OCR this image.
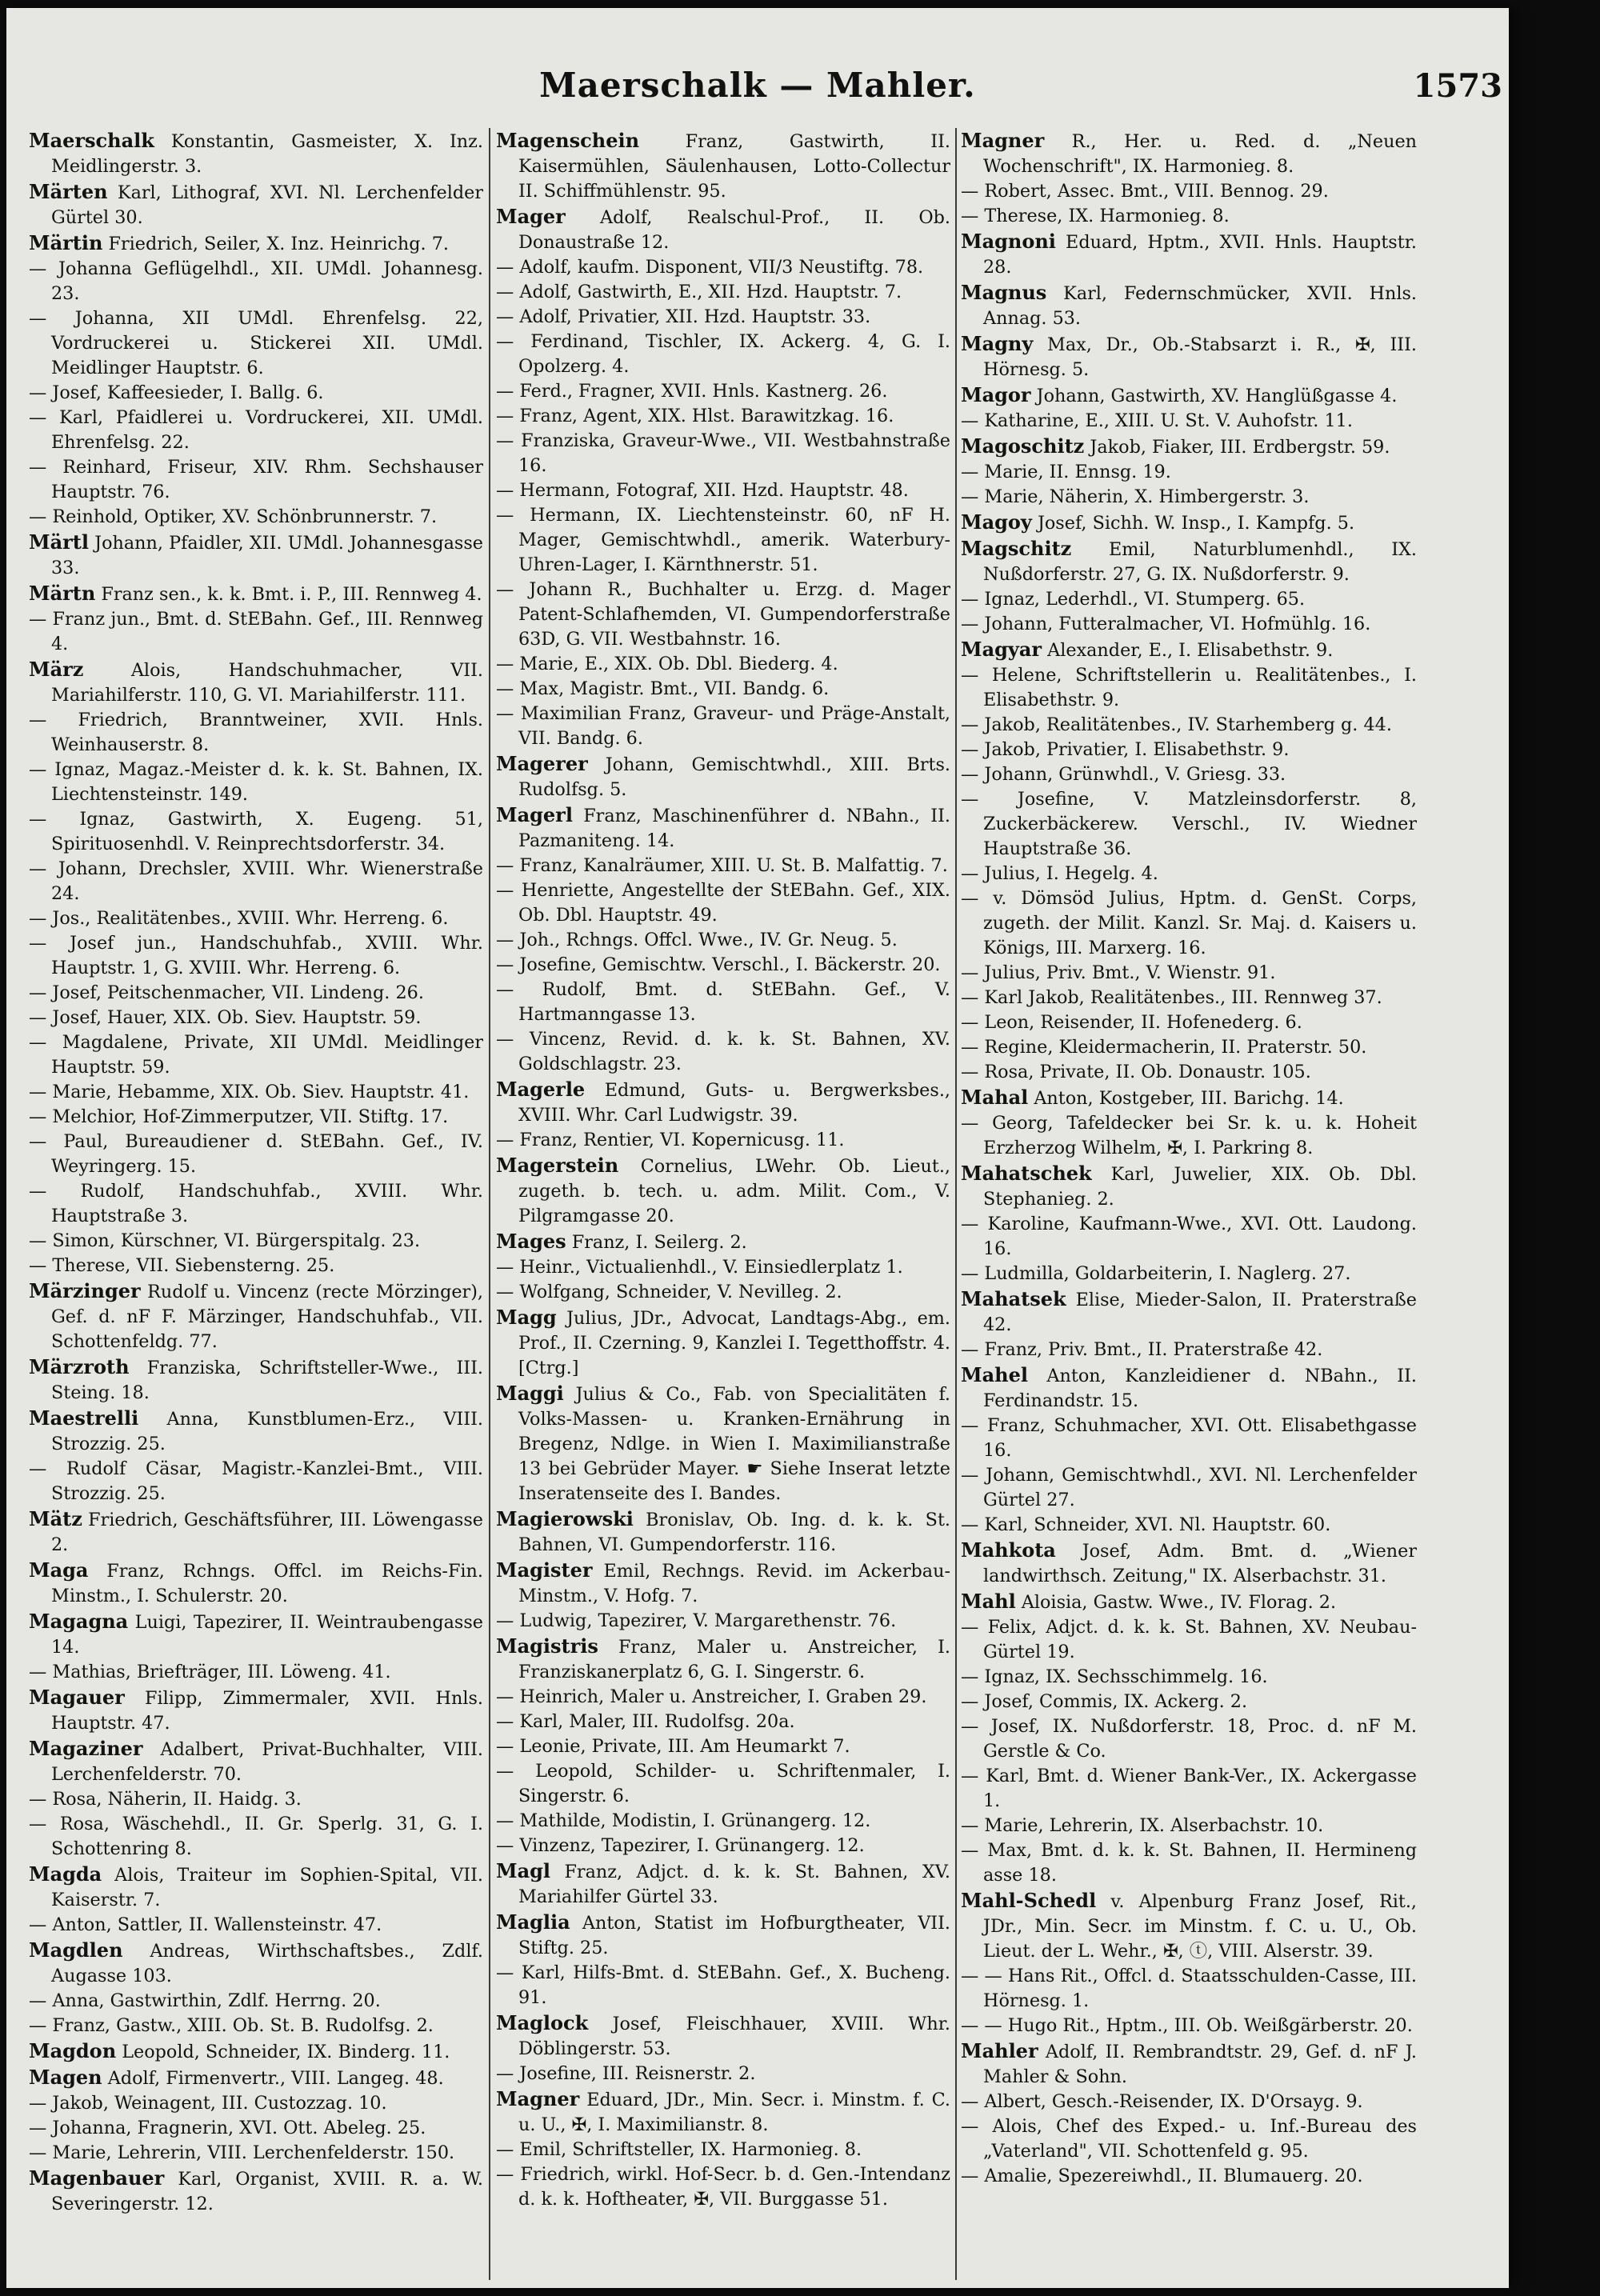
Maerschalk — Mahler.	1573

Maerschalk Konstantin, Gasmeister, X. Inz. Meidlingerstr. 3.

Märten Karl, Lithograf, XVI. Nl. Lerchenfelder Gürtel 30.

Märtin Friedrich, Seiler, X. Inz. Heinrichg. 7.

— Johanna Geflügelhdl., XII. UMdl. Johannesg. 23.

— Johanna, XII UMdl. Ehrenfelsg. 22, Vordruckerei u. Stickerei XII. UMdl. Meidlinger Hauptstr. 6.

— Josef, Kaffeesieder, I. Ballg. 6.

— Karl, Pfaidlerei u. Vordruckerei, XII. UMdl. Ehrenfelsg. 22.

— Reinhard, Friseur, XIV. Rhm. Sechshauser Hauptstr. 76.

— Reinhold, Optiker, XV. Schönbrunnerstr. 7.

Märtl Johann, Pfaidler, XII. UMdl. Johannesgasse 33.

Märtn Franz sen., k. k. Bmt. i. P., III. Rennweg 4.

— Franz jun., Bmt. d. StEBahn. Gef., III. Rennweg 4.

März Alois, Handschuhmacher, VII. Mariahilferstr. 110, G. VI. Mariahilferstr. 111.

— Friedrich, Branntweiner, XVII. Hnls. Weinhauserstr. 8.

— Ignaz, Magaz.-Meister d. k. k. St. Bahnen, IX. Liechtensteinstr. 149.

— Ignaz, Gastwirth, X. Eugeng. 51, Spirituosenhdl. V. Reinprechtsdorferstr. 34.

— Johann, Drechsler, XVIII. Whr. Wienerstraße 24.

— Jos., Realitätenbes., XVIII. Whr. Herreng. 6.

— Josef jun., Handschuhfab., XVIII. Whr. Hauptstr. 1, G. XVIII. Whr. Herreng. 6.

— Josef, Peitschenmacher, VII. Lindeng. 26.

— Josef, Hauer, XIX. Ob. Siev. Hauptstr. 59.

— Magdalene, Private, XII UMdl. Meidlinger Hauptstr. 59.

— Marie, Hebamme, XIX. Ob. Siev. Hauptstr. 41.

— Melchior, Hof-Zimmerputzer, VII. Stiftg. 17.

— Paul, Bureaudiener d. StEBahn. Gef., IV. Weyringerg. 15.

— Rudolf, Handschuhfab., XVIII. Whr. Hauptstraße 3.

— Simon, Kürschner, VI. Bürgerspitalg. 23.

— Therese, VII. Siebensterng. 25.

Märzinger Rudolf u. Vincenz (recte Mörzinger), Gef. d. nF F. Märzinger, Handschuhfab., VII. Schottenfeldg. 77.

Märzroth Franziska, Schriftsteller-Wwe., III. Steing. 18.

Maestrelli Anna, Kunstblumen-Erz., VIII. Strozzig. 25.

— Rudolf Cäsar, Magistr.-Kanzlei-Bmt., VIII. Strozzig. 25.

Mätz Friedrich, Geschäftsführer, III. Löwengasse 2.

Maga Franz, Rchngs. Offcl. im Reichs-Fin. Minstm., I. Schulerstr. 20.

Magagna Luigi, Tapezirer, II. Weintraubengasse 14.

— Mathias, Briefträger, III. Löweng. 41.

Magauer Filipp, Zimmermaler, XVII. Hnls. Hauptstr. 47.

Magaziner Adalbert, Privat-Buchhalter, VIII. Lerchenfelderstr. 70.

— Rosa, Näherin, II. Haidg. 3.

— Rosa, Wäschehdl., II. Gr. Sperlg. 31, G. I. Schottenring 8.

Magda Alois, Traiteur im Sophien-Spital, VII. Kaiserstr. 7.

— Anton, Sattler, II. Wallensteinstr. 47.

Magdlen Andreas, Wirthschaftsbes., Zdlf. Augasse 103.

— Anna, Gastwirthin, Zdlf. Herrng. 20.

— Franz, Gastw., XIII. Ob. St. B. Rudolfsg. 2.

Magdon Leopold, Schneider, IX. Binderg. 11.

Magen Adolf, Firmenvertr., VIII. Langeg. 48.

— Jakob, Weinagent, III. Custozzag. 10.

— Johanna, Fragnerin, XVI. Ott. Abeleg. 25.

— Marie, Lehrerin, VIII. Lerchenfelderstr. 150.

Magenbauer Karl, Organist, XVIII. R. a. W. Severingerstr. 12.

Magenschein Franz, Gastwirth, II. Kaisermühlen, Säulenhausen, Lotto-Collectur II. Schiffmühlenstr. 95.

Mager Adolf, Realschul-Prof., II. Ob. Donaustraße 12.

— Adolf, kaufm. Disponent, VII/3 Neustiftg. 78.

— Adolf, Gastwirth, E., XII. Hzd. Hauptstr. 7.

— Adolf, Privatier, XII. Hzd. Hauptstr. 33.

— Ferdinand, Tischler, IX. Ackerg. 4, G. I. Opolzerg. 4.

— Ferd., Fragner, XVII. Hnls. Kastnerg. 26.

— Franz, Agent, XIX. Hlst. Barawitzkag. 16.

— Franziska, Graveur-Wwe., VII. Westbahnstraße 16.

— Hermann, Fotograf, XII. Hzd. Hauptstr. 48.

— Hermann, IX. Liechtensteinstr. 60, nF H. Mager, Gemischtwhdl., amerik. Waterbury-Uhren-Lager, I. Kärnthnerstr. 51.

— Johann R., Buchhalter u. Erzg. d. Mager Patent-Schlafhemden, VI. Gumpendorferstraße 63D, G. VII. Westbahnstr. 16.

— Marie, E., XIX. Ob. Dbl. Biederg. 4.

— Max, Magistr. Bmt., VII. Bandg. 6.

— Maximilian Franz, Graveur- und Präge-Anstalt, VII. Bandg. 6.

Magerer Johann, Gemischtwhdl., XIII. Brts. Rudolfsg. 5.

Magerl Franz, Maschinenführer d. NBahn., II. Pazmaniteng. 14.

— Franz, Kanalräumer, XIII. U. St. B. Malfattig. 7.

— Henriette, Angestellte der StEBahn. Gef., XIX. Ob. Dbl. Hauptstr. 49.

— Joh., Rchngs. Offcl. Wwe., IV. Gr. Neug. 5.

— Josefine, Gemischtw. Verschl., I. Bäckerstr. 20.

— Rudolf, Bmt. d. StEBahn. Gef., V. Hartmanngasse 13.

— Vincenz, Revid. d. k. k. St. Bahnen, XV. Goldschlagstr. 23.

Magerle Edmund, Guts- u. Bergwerksbes., XVIII. Whr. Carl Ludwigstr. 39.

— Franz, Rentier, VI. Kopernicusg. 11.

Magerstein Cornelius, LWehr. Ob. Lieut., zugeth. b. tech. u. adm. Milit. Com., V. Pilgramgasse 20.

Mages Franz, I. Seilerg. 2.

— Heinr., Victualienhdl., V. Einsiedlerplatz 1.

— Wolfgang, Schneider, V. Nevilleg. 2.

Magg Julius, JDr., Advocat, Landtags-Abg., em. Prof., II. Czerning. 9, Kanzlei I. Tegetthoffstr. 4. [Ctrg.]

Maggi Julius & Co., Fab. von Specialitäten f. Volks-Massen- u. Kranken-Ernährung in Bregenz, Ndlge. in Wien I. Maximilianstraße 13 bei Gebrüder Mayer. ☛ Siehe Inserat letzte Inseratenseite des I. Bandes.

Magierowski Bronislav, Ob. Ing. d. k. k. St. Bahnen, VI. Gumpendorferstr. 116.

Magister Emil, Rechngs. Revid. im Ackerbau-Minstm., V. Hofg. 7.

— Ludwig, Tapezirer, V. Margarethenstr. 76.

Magistris Franz, Maler u. Anstreicher, I. Franziskanerplatz 6, G. I. Singerstr. 6.

— Heinrich, Maler u. Anstreicher, I. Graben 29.

— Karl, Maler, III. Rudolfsg. 20a.

— Leonie, Private, III. Am Heumarkt 7.

— Leopold, Schilder- u. Schriftenmaler, I. Singerstr. 6.

— Mathilde, Modistin, I. Grünangerg. 12.

— Vinzenz, Tapezirer, I. Grünangerg. 12.

Magl Franz, Adjct. d. k. k. St. Bahnen, XV. Mariahilfer Gürtel 33.

Maglia Anton, Statist im Hofburgtheater, VII. Stiftg. 25.

— Karl, Hilfs-Bmt. d. StEBahn. Gef., X. Bucheng. 91.

Maglock Josef, Fleischhauer, XVIII. Whr. Döblingerstr. 53.

— Josefine, III. Reisnerstr. 2.

Magner Eduard, JDr., Min. Secr. i. Minstm. f. C. u. U., ✠, I. Maximilianstr. 8.

— Emil, Schriftsteller, IX. Harmonieg. 8.

— Friedrich, wirkl. Hof-Secr. b. d. Gen.-Intendanz d. k. k. Hoftheater, ✠, VII. Burggasse 51.

Magner R., Her. u. Red. d. „Neuen Wochenschrift", IX. Harmonieg. 8.

— Robert, Assec. Bmt., VIII. Bennog. 29.

— Therese, IX. Harmonieg. 8.

Magnoni Eduard, Hptm., XVII. Hnls. Hauptstr. 28.

Magnus Karl, Federnschmücker, XVII. Hnls. Annag. 53.

Magny Max, Dr., Ob.-Stabsarzt i. R., ✠, III. Hörnesg. 5.

Magor Johann, Gastwirth, XV. Hanglüßgasse 4.

— Katharine, E., XIII. U. St. V. Auhofstr. 11.

Magoschitz Jakob, Fiaker, III. Erdbergstr. 59.

— Marie, II. Ennsg. 19.

— Marie, Näherin, X. Himbergerstr. 3.

Magoy Josef, Sichh. W. Insp., I. Kampfg. 5.

Magschitz Emil, Naturblumenhdl., IX. Nußdorferstr. 27, G. IX. Nußdorferstr. 9.

— Ignaz, Lederhdl., VI. Stumperg. 65.

— Johann, Futteralmacher, VI. Hofmühlg. 16.

Magyar Alexander, E., I. Elisabethstr. 9.

— Helene, Schriftstellerin u. Realitätenbes., I. Elisabethstr. 9.

— Jakob, Realitätenbes., IV. Starhemberg g. 44.

— Jakob, Privatier, I. Elisabethstr. 9.

— Johann, Grünwhdl., V. Griesg. 33.

— Josefine, V. Matzleinsdorferstr. 8, Zuckerbäckerew. Verschl., IV. Wiedner Hauptstraße 36.

— Julius, I. Hegelg. 4.

— v. Dömsöd Julius, Hptm. d. GenSt. Corps, zugeth. der Milit. Kanzl. Sr. Maj. d. Kaisers u. Königs, III. Marxerg. 16.

— Julius, Priv. Bmt., V. Wienstr. 91.

— Karl Jakob, Realitätenbes., III. Rennweg 37.

— Leon, Reisender, II. Hofenederg. 6.

— Regine, Kleidermacherin, II. Praterstr. 50.

— Rosa, Private, II. Ob. Donaustr. 105.

Mahal Anton, Kostgeber, III. Barichg. 14.

— Georg, Tafeldecker bei Sr. k. u. k. Hoheit Erzherzog Wilhelm, ✠, I. Parkring 8.

Mahatschek Karl, Juwelier, XIX. Ob. Dbl. Stephanieg. 2.

— Karoline, Kaufmann-Wwe., XVI. Ott. Laudong. 16.

— Ludmilla, Goldarbeiterin, I. Naglerg. 27.

Mahatsek Elise, Mieder-Salon, II. Praterstraße 42.

— Franz, Priv. Bmt., II. Praterstraße 42.

Mahel Anton, Kanzleidiener d. NBahn., II. Ferdinandstr. 15.

— Franz, Schuhmacher, XVI. Ott. Elisabethgasse 16.

— Johann, Gemischtwhdl., XVI. Nl. Lerchenfelder Gürtel 27.

— Karl, Schneider, XVI. Nl. Hauptstr. 60.

Mahkota Josef, Adm. Bmt. d. „Wiener landwirthsch. Zeitung," IX. Alserbachstr. 31.

Mahl Aloisia, Gastw. Wwe., IV. Florag. 2.

— Felix, Adjct. d. k. k. St. Bahnen, XV. Neubau-Gürtel 19.

— Ignaz, IX. Sechsschimmelg. 16.

— Josef, Commis, IX. Ackerg. 2.

— Josef, IX. Nußdorferstr. 18, Proc. d. nF M. Gerstle & Co.

— Karl, Bmt. d. Wiener Bank-Ver., IX. Ackergasse 1.

— Marie, Lehrerin, IX. Alserbachstr. 10.

— Max, Bmt. d. k. k. St. Bahnen, II. Hermineng asse 18.

Mahl-Schedl v. Alpenburg Franz Josef, Rit., JDr., Min. Secr. im Minstm. f. C. u. U., Ob. Lieut. der L. Wehr., ✠, ⓣ, VIII. Alserstr. 39.

— — Hans Rit., Offcl. d. Staatsschulden-Casse, III. Hörnesg. 1.

— — Hugo Rit., Hptm., III. Ob. Weißgärberstr. 20.

Mahler Adolf, II. Rembrandtstr. 29, Gef. d. nF J. Mahler & Sohn.

— Albert, Gesch.-Reisender, IX. D'Orsayg. 9.

— Alois, Chef des Exped.- u. Inf.-Bureau des „Vaterland", VII. Schottenfeld g. 95.

— Amalie, Spezereiwhdl., II. Blumauerg. 20.
